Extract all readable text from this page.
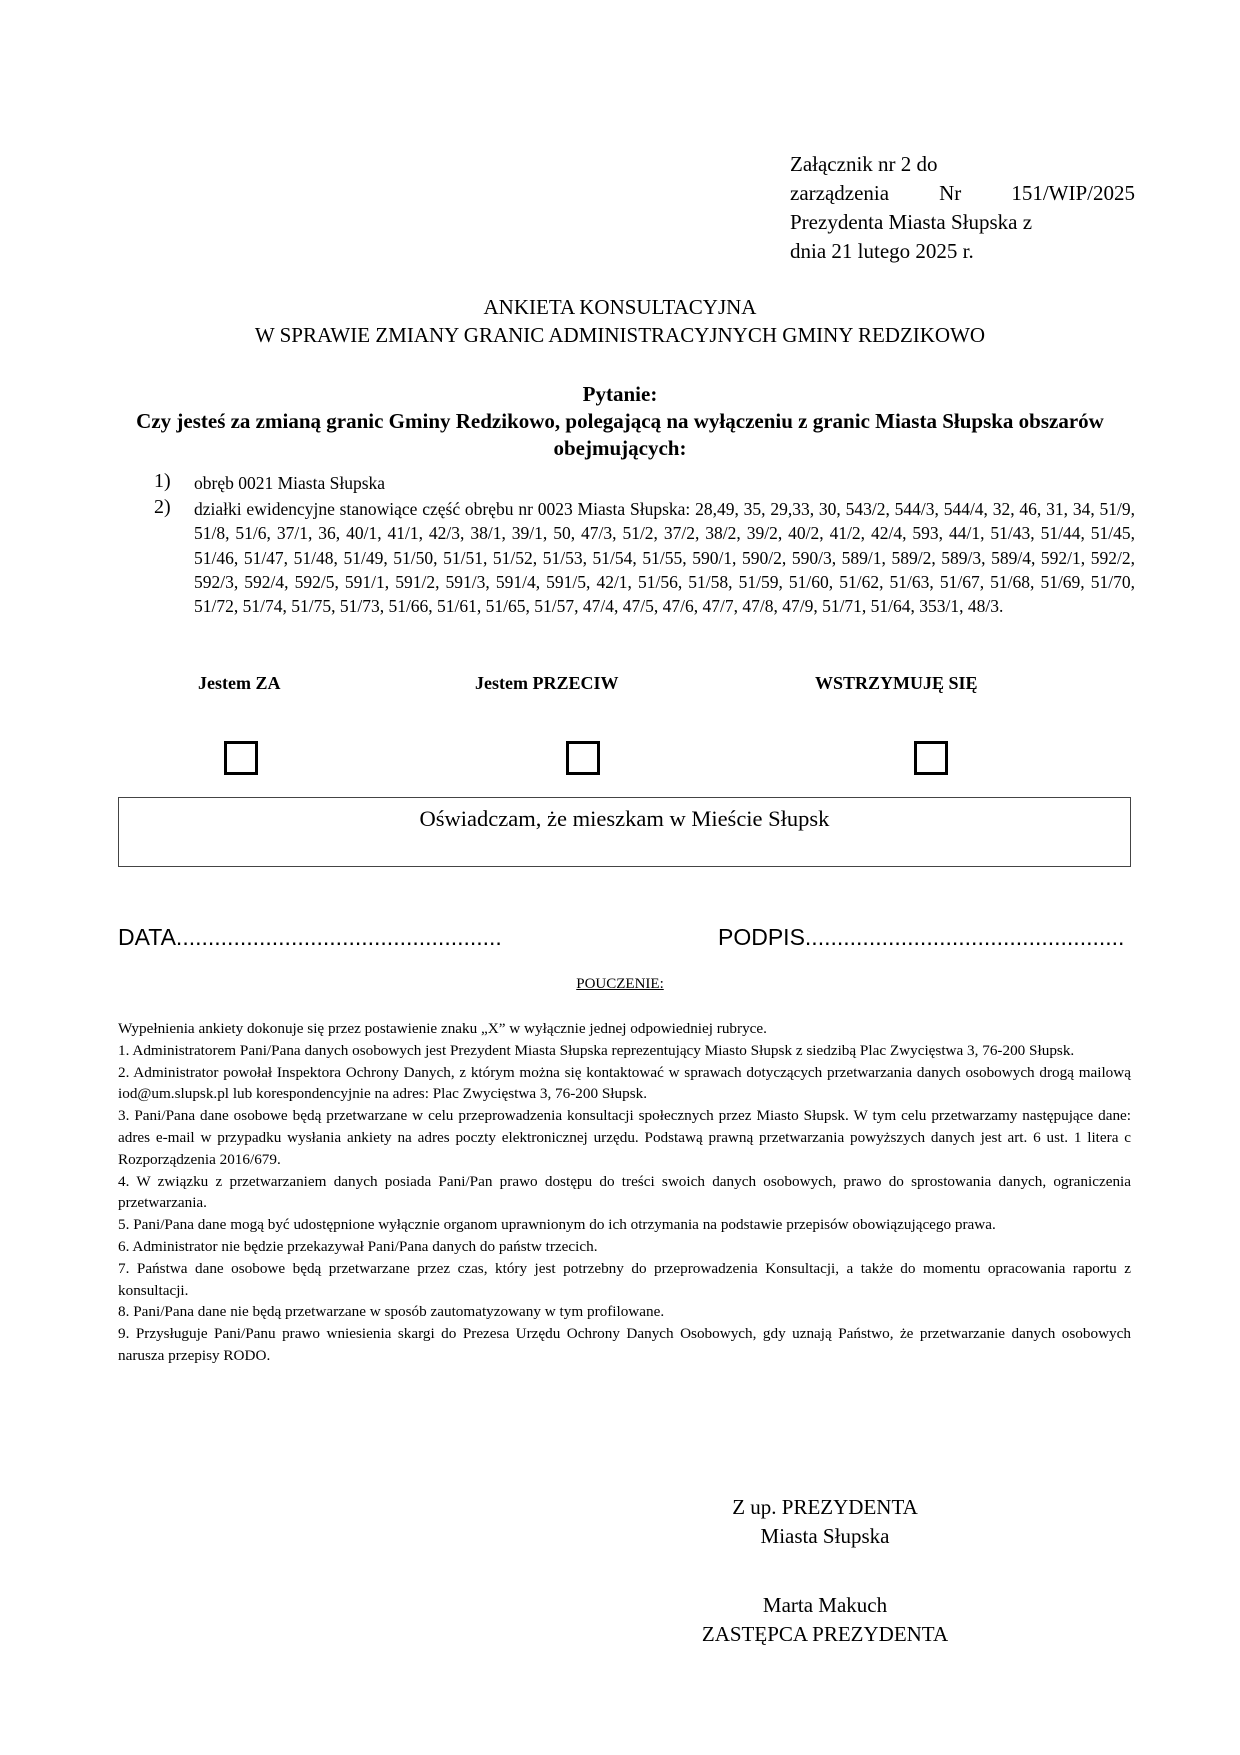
Załącznik nr 2 do
zarządzenia Nr 151/WIP/2025
Prezydenta Miasta Słupska z
dnia 21 lutego 2025 r.
ANKIETA KONSULTACYJNA
W SPRAWIE ZMIANY GRANIC ADMINISTRACYJNYCH GMINY REDZIKOWO
Pytanie:
Czy jesteś za zmianą granic Gminy Redzikowo, polegającą na wyłączeniu z granic Miasta Słupska obszarów obejmujących:
1) obręb 0021 Miasta Słupska
2) działki ewidencyjne stanowiące część obrębu nr 0023 Miasta Słupska: 28,49, 35, 29,33, 30, 543/2, 544/3, 544/4, 32, 46, 31, 34, 51/9, 51/8, 51/6, 37/1, 36, 40/1, 41/1, 42/3, 38/1, 39/1, 50, 47/3, 51/2, 37/2, 38/2, 39/2, 40/2, 41/2, 42/4, 593, 44/1, 51/43, 51/44, 51/45, 51/46, 51/47, 51/48, 51/49, 51/50, 51/51, 51/52, 51/53, 51/54, 51/55, 590/1, 590/2, 590/3, 589/1, 589/2, 589/3, 589/4, 592/1, 592/2, 592/3, 592/4, 592/5, 591/1, 591/2, 591/3, 591/4, 591/5, 42/1, 51/56, 51/58, 51/59, 51/60, 51/62, 51/63, 51/67, 51/68, 51/69, 51/70, 51/72, 51/74, 51/75, 51/73, 51/66, 51/61, 51/65, 51/57, 47/4, 47/5, 47/6, 47/7, 47/8, 47/9, 51/71, 51/64, 353/1, 48/3.
Jestem ZA	Jestem PRZECIW	WSTRZYMUJĘ SIĘ
Oświadczam, że mieszkam w Mieście Słupsk
DATA...................................................	PODPIS..................................................
POUCZENIE:

Wypełnienia ankiety dokonuje się przez postawienie znaku „X” w wyłącznie jednej odpowiedniej rubryce.

1. Administratorem Pani/Pana danych osobowych jest Prezydent Miasta Słupska reprezentujący Miasto Słupsk z siedzibą Plac Zwycięstwa 3, 76-200 Słupsk.

2. Administrator powołał Inspektora Ochrony Danych, z którym można się kontaktować w sprawach dotyczących przetwarzania danych osobowych drogą mailową iod@um.slupsk.pl lub korespondencyjnie na adres: Plac Zwycięstwa 3, 76-200 Słupsk.

3. Pani/Pana dane osobowe będą przetwarzane w celu przeprowadzenia konsultacji społecznych przez Miasto Słupsk. W tym celu przetwarzamy następujące dane: adres e-mail w przypadku wysłania ankiety na adres poczty elektronicznej urzędu. Podstawą prawną przetwarzania powyższych danych jest art. 6 ust. 1 litera c Rozporządzenia 2016/679.

4. W związku z przetwarzaniem danych posiada Pani/Pan prawo dostępu do treści swoich danych osobowych, prawo do sprostowania danych, ograniczenia przetwarzania.

5. Pani/Pana dane mogą być udostępnione wyłącznie organom uprawnionym do ich otrzymania na podstawie przepisów obowiązującego prawa.

6. Administrator nie będzie przekazywał Pani/Pana danych do państw trzecich.

7. Państwa dane osobowe będą przetwarzane przez czas, który jest potrzebny do przeprowadzenia Konsultacji, a także do momentu opracowania raportu z konsultacji.

8. Pani/Pana dane nie będą przetwarzane w sposób zautomatyzowany w tym profilowane.

9. Przysługuje Pani/Panu prawo wniesienia skargi do Prezesa Urzędu Ochrony Danych Osobowych, gdy uznają Państwo, że przetwarzanie danych osobowych narusza przepisy RODO.

Z up. PREZYDENTA
Miasta Słupska
Marta Makuch
ZASTĘPCA PREZYDENTA
